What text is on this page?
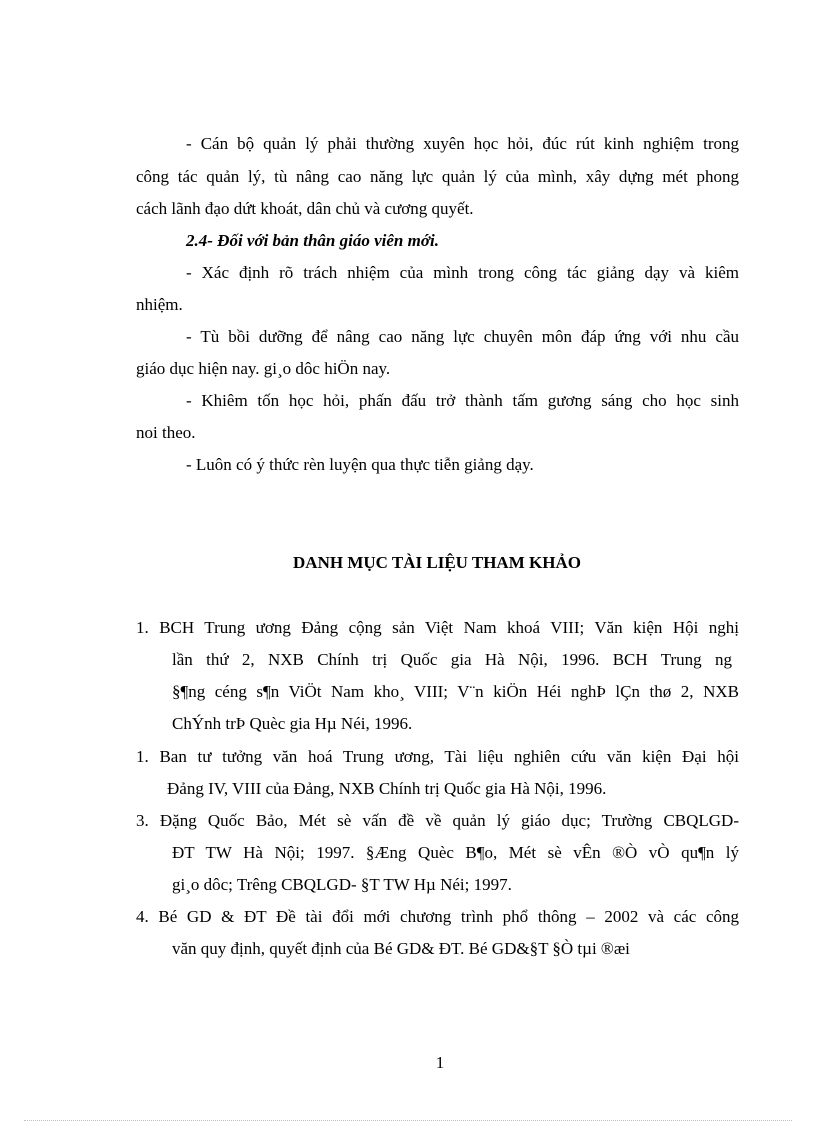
- Cán bộ quản lý phải thường xuyên học hỏi, đúc rút kinh nghiệm trong
công tác quản lý, tù nâng cao năng lực quản lý của mình, xây dựng mét phong
cách lãnh đạo dứt khoát, dân chủ và cương quyết.
2.4- Đối với bản thân giáo viên mới.
- Xác định rõ trách nhiệm của mình trong công tác giảng dạy và kiêm
nhiệm.
- Tù bồi dưỡng để nâng cao năng lực chuyên môn đáp ứng với nhu cầu
giáo dục hiện nay. gi¸o dôc hiÖn nay.
- Khiêm tốn học hỏi, phấn đấu trở thành tấm gương sáng cho học sinh
noi theo.
- Luôn có ý thức rèn luyện qua thực tiễn giảng dạy.
DANH MỤC TÀI LIỆU THAM KHẢO
1. BCH Trung ương Đảng cộng sản Việt Nam khoá VIII; Văn kiện Hội nghị
lần thứ 2, NXB Chính trị Quốc gia Hà Nội, 1996. BCH Trung ng
§¶ng céng s¶n ViÖt Nam kho¸ VIII; V¨n kiÖn Héi nghÞ lÇn thø 2, NXB
ChÝnh trÞ Quèc gia Hµ Néi, 1996.
1. Ban tư tưởng văn hoá Trung ương, Tài liệu nghiên cứu văn kiện Đại hội
Đảng IV, VIII của Đảng, NXB Chính trị Quốc gia Hà Nội, 1996.
3. Đặng Quốc Bảo, Mét sè vấn đề về quản lý giáo dục; Trường CBQLGD-
ĐT TW Hà Nội; 1997. §Æng Quèc B¶o, Mét sè vÊn ®Ò vÒ qu¶n lý
gi¸o dôc; Trêng CBQLGD- §T TW Hµ Néi; 1997.
4. Bé GD & ĐT Đề tài đổi mới chương trình phổ thông – 2002 và các công
văn quy định, quyết định của Bé GD& ĐT. Bé GD&§T §Ò tµi ®æi
1
